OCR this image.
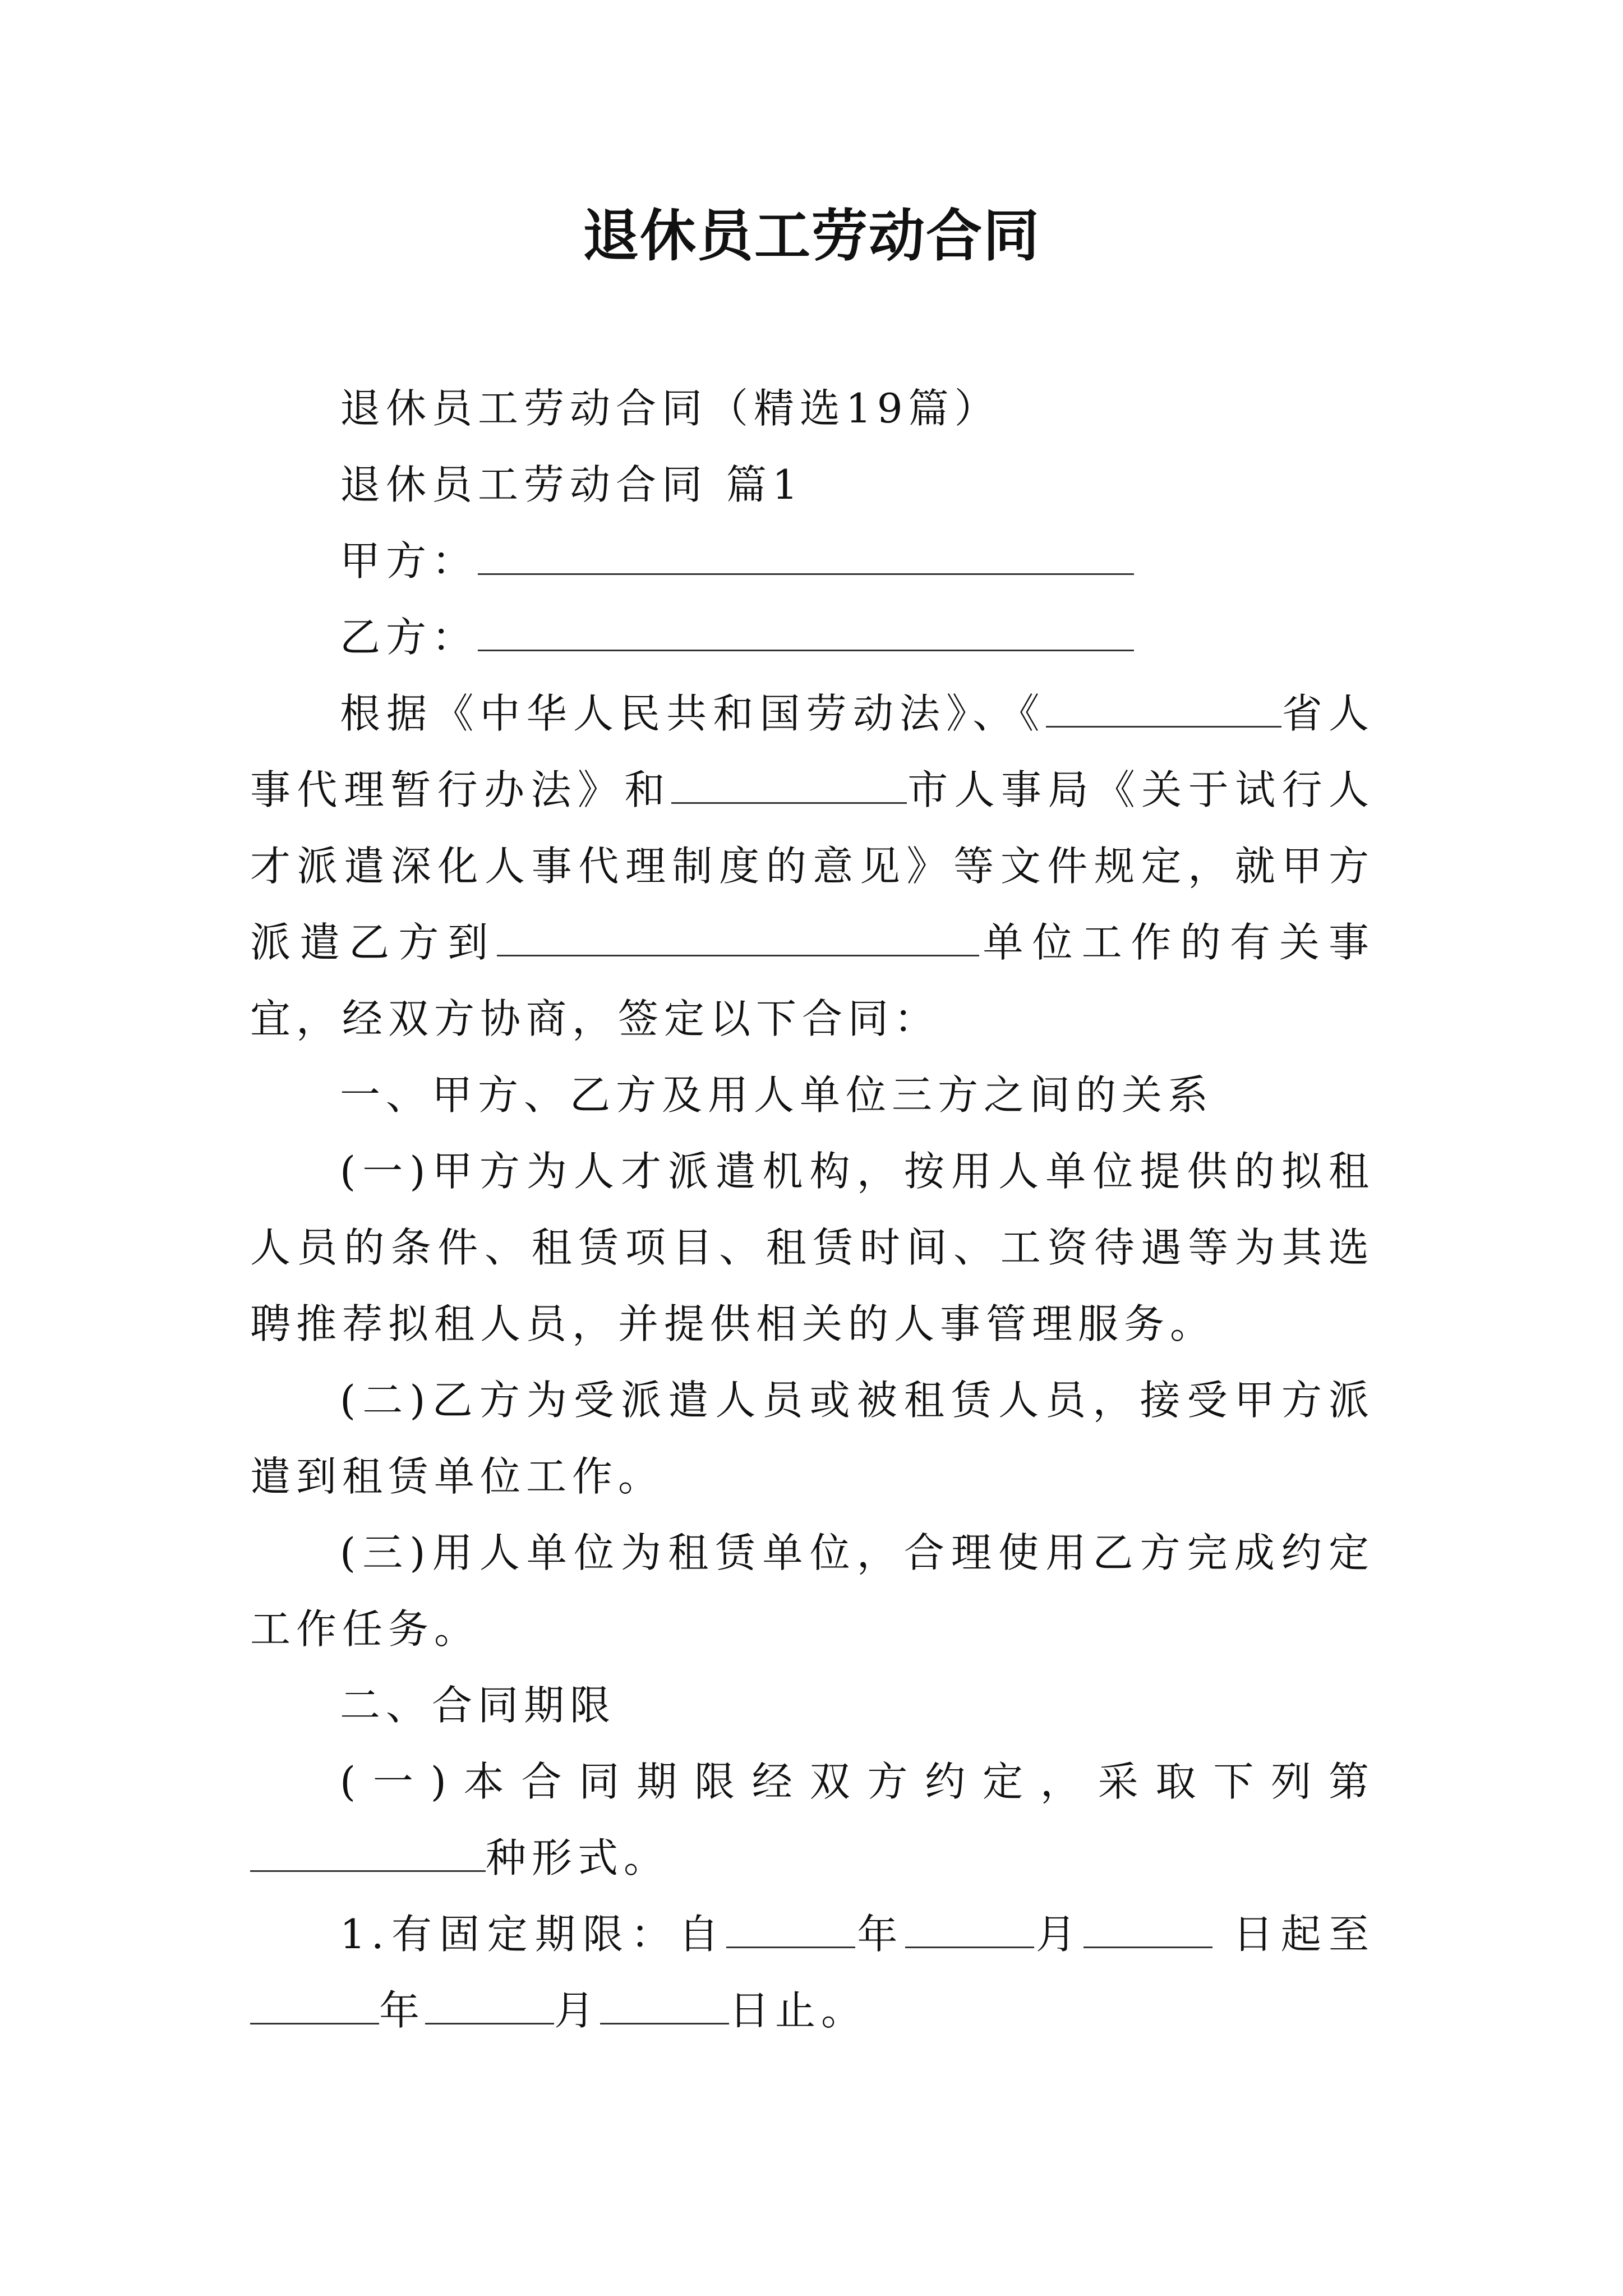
退休员工劳动合同

退休员工劳动合同（精选19篇）

退休员工劳动合同 篇1

甲方：

乙方：

根据《中华人民共和国劳动法》、《	省人事代理暂行办法》和	市人事局《关于试行人才派遣深化人事代理制度的意见》等文件规定，就甲方派遣乙方到	单位工作的有关事宜，经双方协商，签定以下合同：

一、甲方、乙方及用人单位三方之间的关系

(一)甲方为人才派遣机构，按用人单位提供的拟租人员的条件、租赁项目、租赁时间、工资待遇等为其选聘推荐拟租人员，并提供相关的人事管理服务。

(二)乙方为受派遣人员或被租赁人员，接受甲方派遣到租赁单位工作。

(三)用人单位为租赁单位，合理使用乙方完成约定工作任务。

二、合同期限

(一)本合同期限经双方约定，采取下列第种形式。

1.有固定期限：自	年	月	日起至年	月	日止。
